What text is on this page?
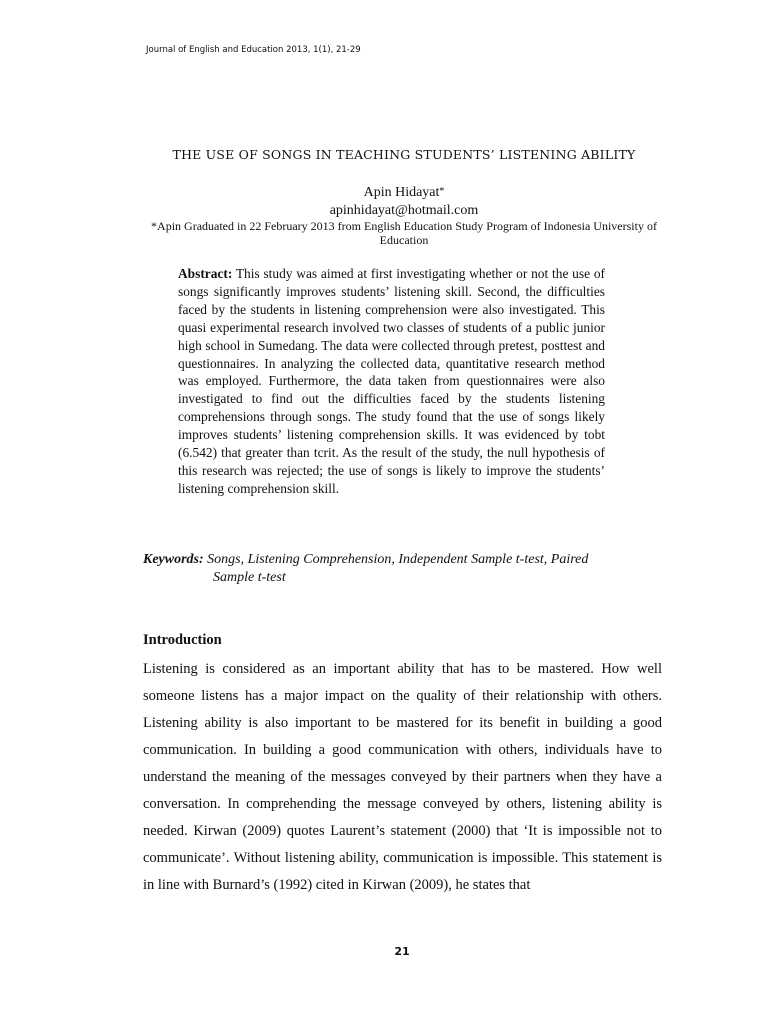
Journal of English and Education 2013, 1(1), 21-29
THE USE OF SONGS IN TEACHING STUDENTS’ LISTENING ABILITY
Apin Hidayat*
apinhidayat@hotmail.com
*Apin Graduated in 22 February 2013 from English Education Study Program of Indonesia University of Education

Abstract: This study was aimed at first investigating whether or not the use of songs significantly improves students’ listening skill. Second, the difficulties faced by the students in listening comprehension were also investigated. This quasi experimental research involved two classes of students of a public junior high school in Sumedang. The data were collected through pretest, posttest and questionnaires. In analyzing the collected data, quantitative research method was employed. Furthermore, the data taken from questionnaires were also investigated to find out the difficulties faced by the students listening comprehensions through songs. The study found that the use of songs likely improves students’ listening comprehension skills. It was evidenced by tobt (6.542) that greater than tcrit. As the result of the study, the null hypothesis of this research was rejected; the use of songs is likely to improve the students’ listening comprehension skill.

Keywords: Songs, Listening Comprehension, Independent Sample t-test, Paired
Sample t-test

Introduction

Listening is considered as an important ability that has to be mastered. How well someone listens has a major impact on the quality of their relationship with others. Listening ability is also important to be mastered for its benefit in building a good communication. In building a good communication with others, individuals have to understand the meaning of the messages conveyed by their partners when they have a conversation. In comprehending the message conveyed by others, listening ability is needed. Kirwan (2009) quotes Laurent’s statement (2000) that ‘It is impossible not to communicate’. Without listening ability, communication is impossible. This statement is in line with Burnard’s (1992) cited in Kirwan (2009), he states that

21
